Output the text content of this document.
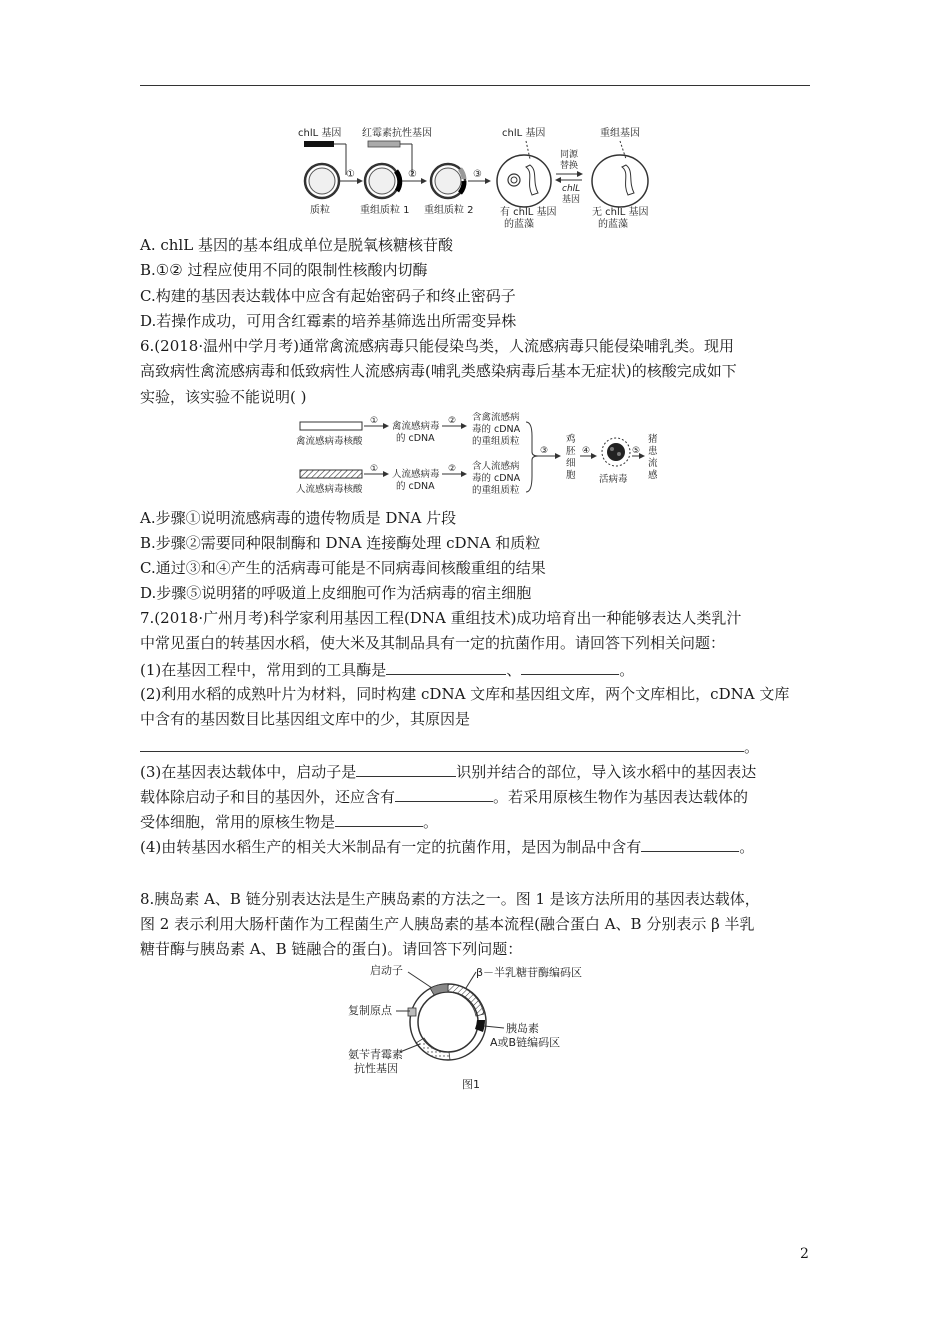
chlL 基因 红霉素抗性基因
质粒
①
重组质粒 1
②
重组质粒 2
③
chlL 基因
有 chlL 基因
的蓝藻
同源
替换
chlL
基因
重组基因
无 chlL 基因
的蓝藻
A. chlL 基因的基本组成单位是脱氧核糖核苷酸
B.①② 过程应使用不同的限制性核酸内切酶
C.构建的基因表达载体中应含有起始密码子和终止密码子
D.若操作成功，可用含红霉素的培养基筛选出所需变异株
6.(2018·温州中学月考)通常禽流感病毒只能侵染鸟类，人流感病毒只能侵染哺乳类。现用
高致病性禽流感病毒和低致病性人流感病毒(哺乳类感染病毒后基本无症状)的核酸完成如下
实验，该实验不能说明( )
禽流感病毒核酸
① 禽流感病毒
的 cDNA
② 含禽流感病
毒的 cDNA
的重组质粒
人流感病毒核酸
① 人流感病毒
的 cDNA
② 含人流感病
毒的 cDNA
的重组质粒
③
鸡
胚
细
胞
④
活病毒
⑤
猪
患
流
感
A.步骤①说明流感病毒的遗传物质是 DNA 片段
B.步骤②需要同种限制酶和 DNA 连接酶处理 cDNA 和质粒
C.通过③和④产生的活病毒可能是不同病毒间核酸重组的结果
D.步骤⑤说明猪的呼吸道上皮细胞可作为活病毒的宿主细胞
7.(2018·广州月考)科学家利用基因工程(DNA 重组技术)成功培育出一种能够表达人类乳汁
中常见蛋白的转基因水稻，使大米及其制品具有一定的抗菌作用。请回答下列相关问题：
(1)在基因工程中，常用到的工具酶是	、	。
(2)利用水稻的成熟叶片为材料，同时构建 cDNA 文库和基因组文库，两个文库相比，cDNA 文库
中含有的基因数目比基因组文库中的少，其原因是
。
(3)在基因表达载体中，启动子是	识别并结合的部位，导入该水稻中的基因表达
载体除启动子和目的基因外，还应含有	。若采用原核生物作为基因表达载体的
受体细胞，常用的原核生物是	。
(4)由转基因水稻生产的相关大米制品有一定的抗菌作用，是因为制品中含有	。
8.胰岛素 A、B 链分别表达法是生产胰岛素的方法之一。图 1 是该方法所用的基因表达载体，
图 2 表示利用大肠杆菌作为工程菌生产人胰岛素的基本流程(融合蛋白 A、B 分别表示 β 半乳
糖苷酶与胰岛素 A、B 链融合的蛋白)。请回答下列问题：
启动子	β－半乳糖苷酶编码区
复制原点
胰岛素
A或B链编码区
氨苄青霉素
抗性基因
图1
2
